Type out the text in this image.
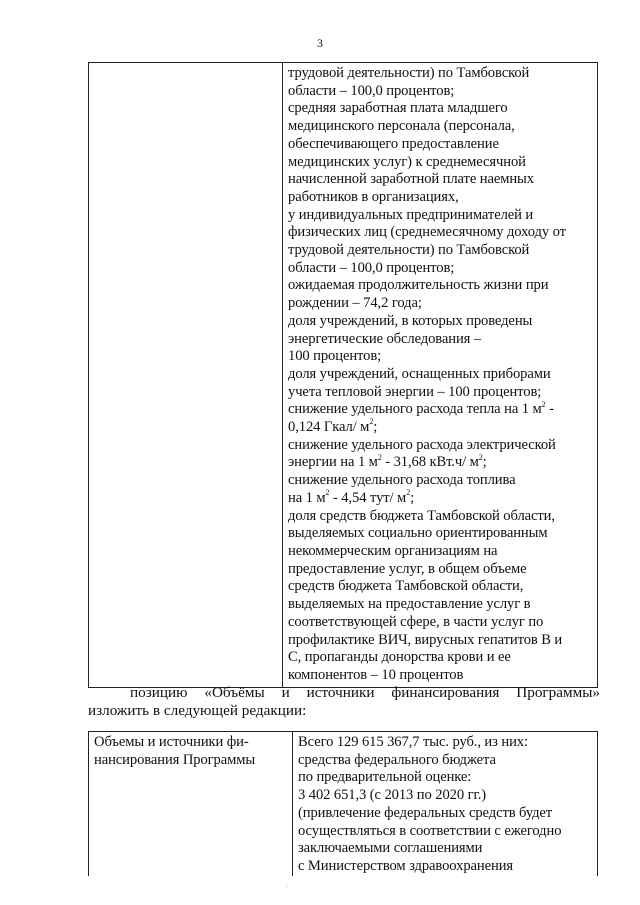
3

трудовой деятельности) по Тамбовской
области – 100,0 процентов;
средняя заработная плата младшего
медицинского персонала (персонала,
обеспечивающего предоставление
медицинских услуг) к среднемесячной
начисленной заработной плате наемных
работников в организациях,
у индивидуальных предпринимателей и
физических лиц (среднемесячному доходу от
трудовой деятельности) по Тамбовской
области – 100,0 процентов;
ожидаемая продолжительность жизни при
рождении – 74,2 года;
доля учреждений, в которых проведены
энергетические обследования –
100 процентов;
доля учреждений, оснащенных приборами
учета тепловой энергии – 100 процентов;
снижение удельного расхода тепла на 1 $м^2$ -
0,124 Гкал/ $м^2$;
снижение удельного расхода электрической
энергии на 1 $м^2 - 31,68$ кВт.ч/ $м^2$;
снижение удельного расхода топлива
на 1 $м^2 - 4,54$ тут/ $м^2$;
доля средств бюджета Тамбовской области,
выделяемых социально ориентированным
некоммерческим организациям на
предоставление услуг, в общем объеме
средств бюджета Тамбовской области,
выделяемых на предоставление услуг в
соответствующей сфере, в части услуг по
профилактике ВИЧ, вирусных гепатитов В и
С, пропаганды донорства крови и ее
компонентов – 10 процентов
позицию «Объёмы и источники финансирования Программы»
изложить в следующей редакции:
Объемы и источники фи-
нансирования Программы

Всего 129 615 367,7 тыс. руб., из них:
средства федерального бюджета
по предварительной оценке:
3 402 651,3 (с 2013 по 2020 гг.)
(привлечение федеральных средств будет
осуществляться в соответствии с ежегодно
заключаемыми соглашениями
с Министерством здравоохранения
·
